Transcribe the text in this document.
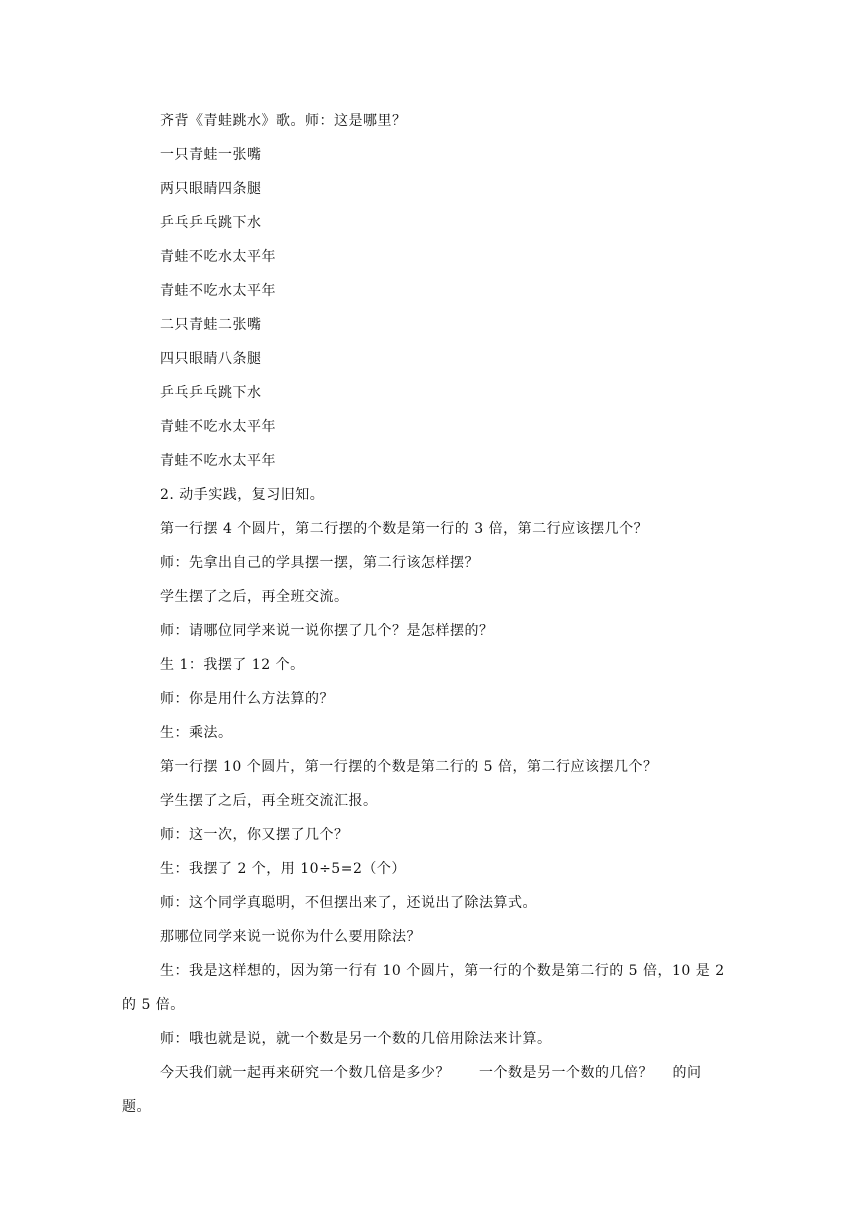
齐背《青蛙跳水》歌。师：这是哪里？
一只青蛙一张嘴
两只眼睛四条腿
乒乓乒乓跳下水
青蛙不吃水太平年
青蛙不吃水太平年
二只青蛙二张嘴
四只眼睛八条腿
乒乓乒乓跳下水
青蛙不吃水太平年
青蛙不吃水太平年
2. 动手实践，复习旧知。
第一行摆 4 个圆片，第二行摆的个数是第一行的 3 倍，第二行应该摆几个？
师：先拿出自己的学具摆一摆，第二行该怎样摆？
学生摆了之后，再全班交流。
师：请哪位同学来说一说你摆了几个？是怎样摆的？
生 1：我摆了 12 个。
师：你是用什么方法算的？
生：乘法。
第一行摆 10 个圆片，第一行摆的个数是第二行的 5 倍，第二行应该摆几个？
学生摆了之后，再全班交流汇报。
师：这一次，你又摆了几个？
生：我摆了 2 个，用 10÷5=2（个）
师：这个同学真聪明，不但摆出来了，还说出了除法算式。
那哪位同学来说一说你为什么要用除法？
生：我是这样想的，因为第一行有 10 个圆片，第一行的个数是第二行的 5 倍，10 是 2
的 5 倍。
师：哦也就是说，就一个数是另一个数的几倍用除法来计算。
今天我们就一起再来研究一个数几倍是多少？　　一个数是另一个数的几倍？　 的问
题。
